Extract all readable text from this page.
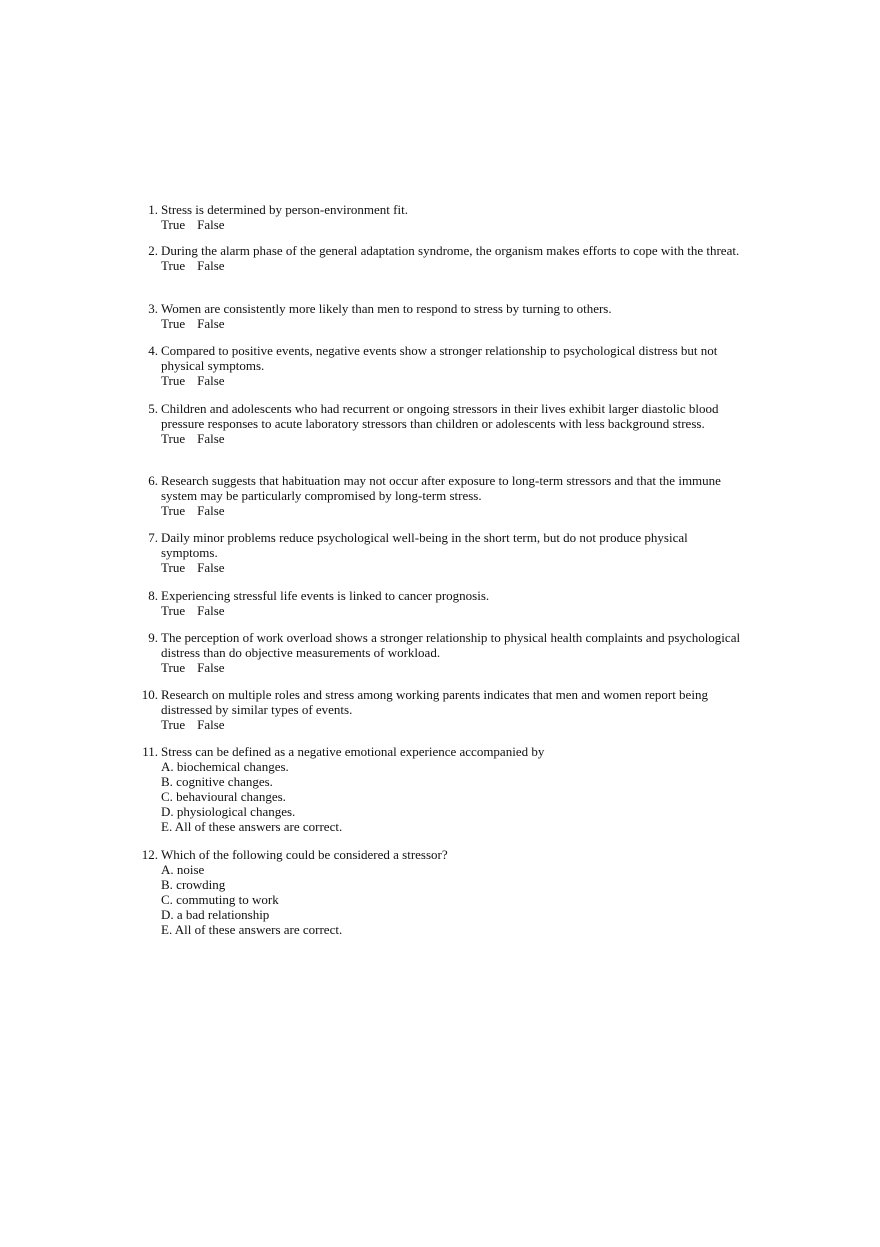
1. Stress is determined by person-environment fit.
True False
2. During the alarm phase of the general adaptation syndrome, the organism makes efforts to cope with the threat.
True False
3. Women are consistently more likely than men to respond to stress by turning to others.
True False
4. Compared to positive events, negative events show a stronger relationship to psychological distress but not physical symptoms.
True False
5. Children and adolescents who had recurrent or ongoing stressors in their lives exhibit larger diastolic blood pressure responses to acute laboratory stressors than children or adolescents with less background stress.
True False
6. Research suggests that habituation may not occur after exposure to long-term stressors and that the immune system may be particularly compromised by long-term stress.
True False
7. Daily minor problems reduce psychological well-being in the short term, but do not produce physical symptoms.
True False
8. Experiencing stressful life events is linked to cancer prognosis.
True False
9. The perception of work overload shows a stronger relationship to physical health complaints and psychological distress than do objective measurements of workload.
True False
10. Research on multiple roles and stress among working parents indicates that men and women report being distressed by similar types of events.
True False
11. Stress can be defined as a negative emotional experience accompanied by
A. biochemical changes.
B. cognitive changes.
C. behavioural changes.
D. physiological changes.
E. All of these answers are correct.
12. Which of the following could be considered a stressor?
A. noise
B. crowding
C. commuting to work
D. a bad relationship
E. All of these answers are correct.
